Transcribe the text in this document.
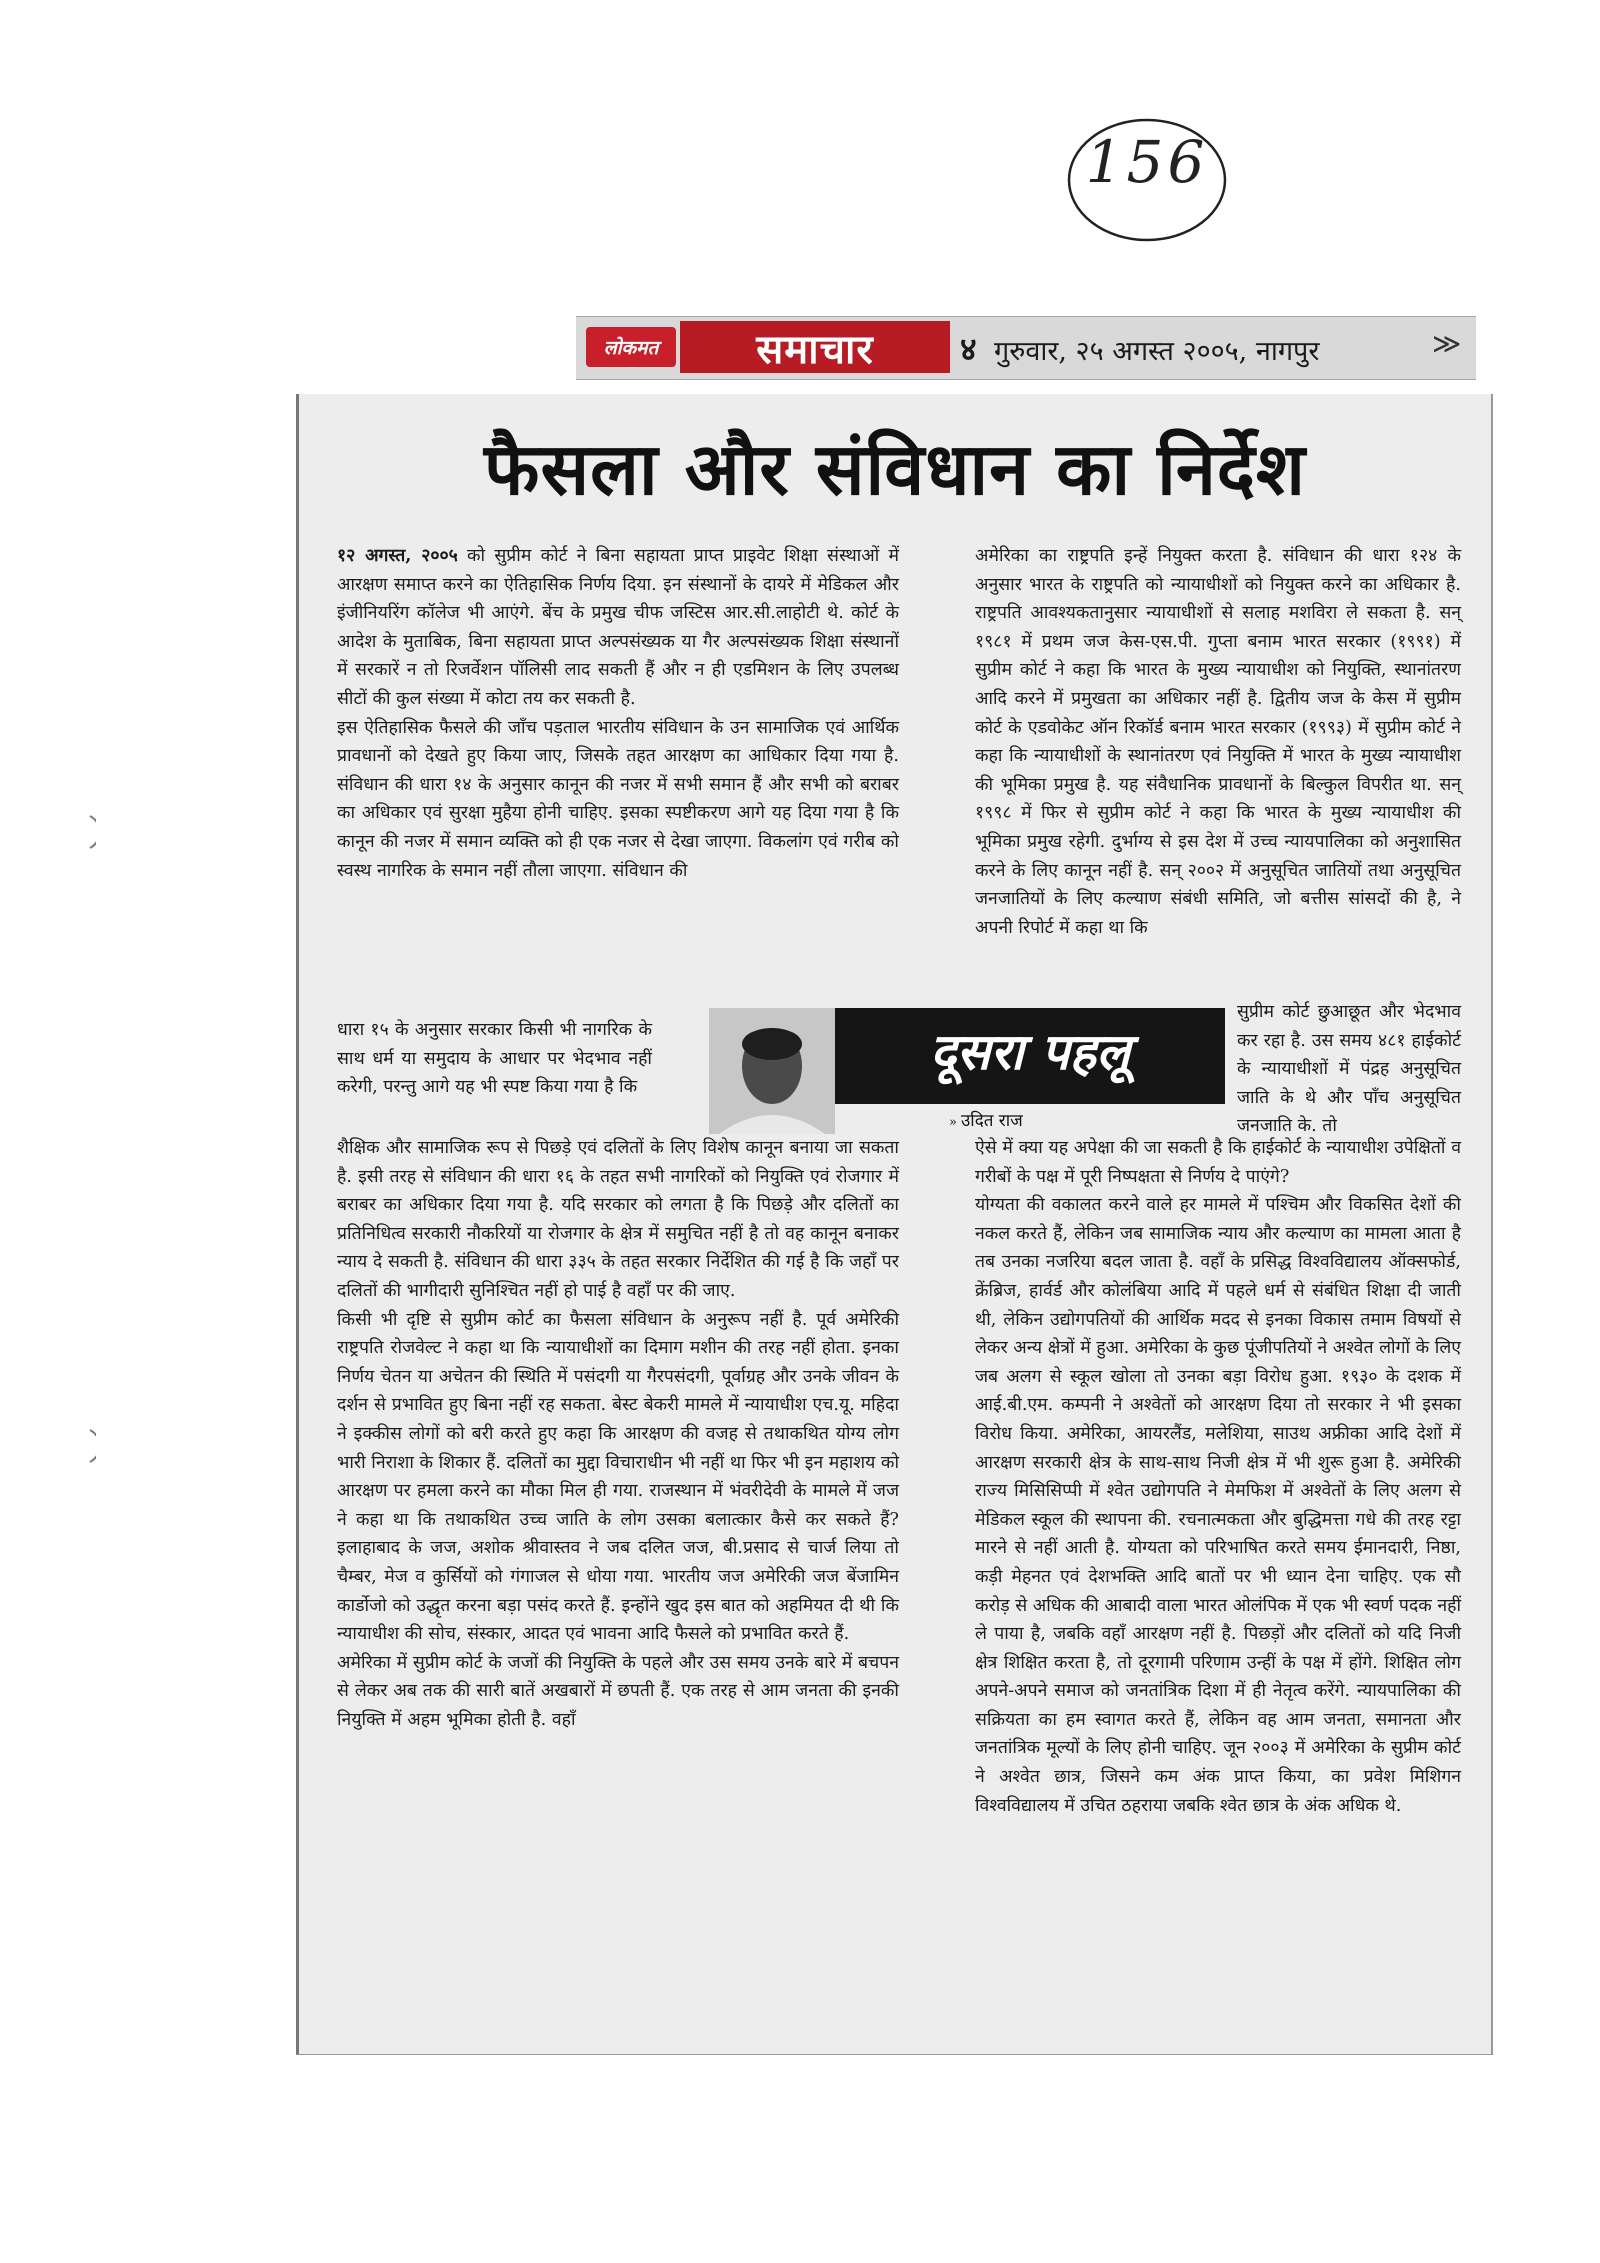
156
लोकमत	समाचार	४ गुरुवार, २५ अगस्त २००५, नागपुर	≫
फैसला और संविधान का निर्देश

१२ अगस्त, २००५ को सुप्रीम कोर्ट ने बिना सहायता प्राप्त प्राइवेट शिक्षा संस्थाओं में आरक्षण समाप्त करने का ऐतिहासिक निर्णय दिया. इन संस्थानों के दायरे में मेडिकल और इंजीनियरिंग कॉलेज भी आएंगे. बेंच के प्रमुख चीफ जस्टिस आर.सी.लाहोटी थे. कोर्ट के आदेश के मुताबिक, बिना सहायता प्राप्त अल्पसंख्यक या गैर अल्पसंख्यक शिक्षा संस्थानों में सरकारें न तो रिजर्वेशन पॉलिसी लाद सकती हैं और न ही एडमिशन के लिए उपलब्ध सीटों की कुल संख्या में कोटा तय कर सकती है.

इस ऐतिहासिक फैसले की जाँच पड़ताल भारतीय संविधान के उन सामाजिक एवं आर्थिक प्रावधानों को देखते हुए किया जाए, जिसके तहत आरक्षण का आधिकार दिया गया है. संविधान की धारा १४ के अनुसार कानून की नजर में सभी समान हैं और सभी को बराबर का अधिकार एवं सुरक्षा मुहैया होनी चाहिए. इसका स्पष्टीकरण आगे यह दिया गया है कि कानून की नजर में समान व्यक्ति को ही एक नजर से देखा जाएगा. विकलांग एवं गरीब को स्वस्थ नागरिक के समान नहीं तौला जाएगा. संविधान की

धारा १५ के अनुसार सरकार किसी भी नागरिक के साथ धर्म या समुदाय के आधार पर भेदभाव नहीं करेगी, परन्तु आगे यह भी स्पष्ट किया गया है कि

शैक्षिक और सामाजिक रूप से पिछड़े एवं दलितों के लिए विशेष कानून बनाया जा सकता है. इसी तरह से संविधान की धारा १६ के तहत सभी नागरिकों को नियुक्ति एवं रोजगार में बराबर का अधिकार दिया गया है. यदि सरकार को लगता है कि पिछड़े और दलितों का प्रतिनिधित्व सरकारी नौकरियों या रोजगार के क्षेत्र में समुचित नहीं है तो वह कानून बनाकर न्याय दे सकती है. संविधान की धारा ३३५ के तहत सरकार निर्देशित की गई है कि जहाँ पर दलितों की भागीदारी सुनिश्चित नहीं हो पाई है वहाँ पर की जाए.

किसी भी दृष्टि से सुप्रीम कोर्ट का फैसला संविधान के अनुरूप नहीं है. पूर्व अमेरिकी राष्ट्रपति रोजवेल्ट ने कहा था कि न्यायाधीशों का दिमाग मशीन की तरह नहीं होता. इनका निर्णय चेतन या अचेतन की स्थिति में पसंदगी या गैरपसंदगी, पूर्वाग्रह और उनके जीवन के दर्शन से प्रभावित हुए बिना नहीं रह सकता. बेस्ट बेकरी मामले में न्यायाधीश एच.यू. महिदा ने इक्कीस लोगों को बरी करते हुए कहा कि आरक्षण की वजह से तथाकथित योग्य लोग भारी निराशा के शिकार हैं. दलितों का मुद्दा विचाराधीन भी नहीं था फिर भी इन महाशय को आरक्षण पर हमला करने का मौका मिल ही गया. राजस्थान में भंवरीदेवी के मामले में जज ने कहा था कि तथाकथित उच्च जाति के लोग उसका बलात्कार कैसे कर सकते हैं? इलाहाबाद के जज, अशोक श्रीवास्तव ने जब दलित जज, बी.प्रसाद से चार्ज लिया तो चैम्बर, मेज व कुर्सियों को गंगाजल से धोया गया. भारतीय जज अमेरिकी जज बेंजामिन कार्डोजो को उद्धृत करना बड़ा पसंद करते हैं. इन्होंने खुद इस बात को अहमियत दी थी कि न्यायाधीश की सोच, संस्कार, आदत एवं भावना आदि फैसले को प्रभावित करते हैं.

अमेरिका में सुप्रीम कोर्ट के जजों की नियुक्ति के पहले और उस समय उनके बारे में बचपन से लेकर अब तक की सारी बातें अखबारों में छपती हैं. एक तरह से आम जनता की इनकी नियुक्ति में अहम भूमिका होती है. वहाँ

अमेरिका का राष्ट्रपति इन्हें नियुक्त करता है. संविधान की धारा १२४ के अनुसार भारत के राष्ट्रपति को न्यायाधीशों को नियुक्त करने का अधिकार है. राष्ट्रपति आवश्यकतानुसार न्यायाधीशों से सलाह मशविरा ले सकता है. सन् १९८१ में प्रथम जज केस-एस.पी. गुप्ता बनाम भारत सरकार (१९९१) में सुप्रीम कोर्ट ने कहा कि भारत के मुख्य न्यायाधीश को नियुक्ति, स्थानांतरण आदि करने में प्रमुखता का अधिकार नहीं है. द्वितीय जज के केस में सुप्रीम कोर्ट के एडवोकेट ऑन रिकॉर्ड बनाम भारत सरकार (१९९३) में सुप्रीम कोर्ट ने कहा कि न्यायाधीशों के स्थानांतरण एवं नियुक्ति में भारत के मुख्य न्यायाधीश की भूमिका प्रमुख है. यह संवैधानिक प्रावधानों के बिल्कुल विपरीत था. सन् १९९८ में फिर से सुप्रीम कोर्ट ने कहा कि भारत के मुख्य न्यायाधीश की भूमिका प्रमुख रहेगी. दुर्भाग्य से इस देश में उच्च न्यायपालिका को अनुशासित करने के लिए कानून नहीं है. सन् २००२ में अनुसूचित जातियों तथा अनुसूचित जनजातियों के लिए कल्याण संबंधी समिति, जो बत्तीस सांसदों की है, ने अपनी रिपोर्ट में कहा था कि

सुप्रीम कोर्ट छुआछूत और भेदभाव कर रहा है. उस समय ४८१ हाईकोर्ट के न्यायाधीशों में पंद्रह अनुसूचित जाति के थे और पाँच अनुसूचित जनजाति के. तो

ऐसे में क्या यह अपेक्षा की जा सकती है कि हाईकोर्ट के न्यायाधीश उपेक्षितों व गरीबों के पक्ष में पूरी निष्पक्षता से निर्णय दे पाएंगे?

योग्यता की वकालत करने वाले हर मामले में पश्चिम और विकसित देशों की नकल करते हैं, लेकिन जब सामाजिक न्याय और कल्याण का मामला आता है तब उनका नजरिया बदल जाता है. वहाँ के प्रसिद्ध विश्वविद्यालय ऑक्सफोर्ड, क्रेंब्रिज, हार्वर्ड और कोलंबिया आदि में पहले धर्म से संबंधित शिक्षा दी जाती थी, लेकिन उद्योगपतियों की आर्थिक मदद से इनका विकास तमाम विषयों से लेकर अन्य क्षेत्रों में हुआ. अमेरिका के कुछ पूंजीपतियों ने अश्वेत लोगों के लिए जब अलग से स्कूल खोला तो उनका बड़ा विरोध हुआ. १९३० के दशक में आई.बी.एम. कम्पनी ने अश्वेतों को आरक्षण दिया तो सरकार ने भी इसका विरोध किया. अमेरिका, आयरलैंड, मलेशिया, साउथ अफ्रीका आदि देशों में आरक्षण सरकारी क्षेत्र के साथ-साथ निजी क्षेत्र में भी शुरू हुआ है. अमेरिकी राज्य मिसिसिप्पी में श्वेत उद्योगपति ने मेमफिश में अश्वेतों के लिए अलग से मेडिकल स्कूल की स्थापना की. रचनात्मकता और बुद्धिमत्ता गधे की तरह रट्टा मारने से नहीं आती है. योग्यता को परिभाषित करते समय ईमानदारी, निष्ठा, कड़ी मेहनत एवं देशभक्ति आदि बातों पर भी ध्यान देना चाहिए. एक सौ करोड़ से अधिक की आबादी वाला भारत ओलंपिक में एक भी स्वर्ण पदक नहीं ले पाया है, जबकि वहाँ आरक्षण नहीं है. पिछड़ों और दलितों को यदि निजी क्षेत्र शिक्षित करता है, तो दूरगामी परिणाम उन्हीं के पक्ष में होंगे. शिक्षित लोग अपने-अपने समाज को जनतांत्रिक दिशा में ही नेतृत्व करेंगे. न्यायपालिका की सक्रियता का हम स्वागत करते हैं, लेकिन वह आम जनता, समानता और जनतांत्रिक मूल्यों के लिए होनी चाहिए. जून २००३ में अमेरिका के सुप्रीम कोर्ट ने अश्वेत छात्र, जिसने कम अंक प्राप्त किया, का प्रवेश मिशिगन विश्वविद्यालय में उचित ठहराया जबकि श्वेत छात्र के अंक अधिक थे.

दूसरा पहलू
» उदित राज
